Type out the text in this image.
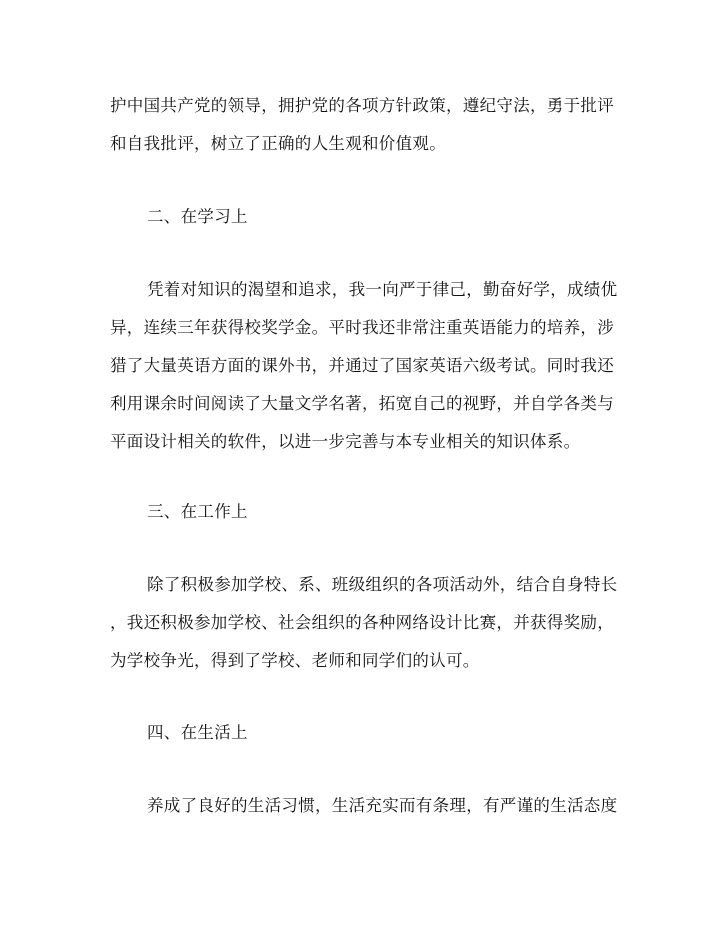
护中国共产党的领导，拥护党的各项方针政策，遵纪守法，勇于批评
和自我批评，树立了正确的人生观和价值观。
二、在学习上
凭着对知识的渴望和追求，我一向严于律己，勤奋好学，成绩优
异，连续三年获得校奖学金。平时我还非常注重英语能力的培养，涉
猎了大量英语方面的课外书，并通过了国家英语六级考试。同时我还
利用课余时间阅读了大量文学名著，拓宽自己的视野，并自学各类与
平面设计相关的软件，以进一步完善与本专业相关的知识体系。
三、在工作上
除了积极参加学校、系、班级组织的各项活动外，结合自身特长
，我还积极参加学校、社会组织的各种网络设计比赛，并获得奖励，
为学校争光，得到了学校、老师和同学们的认可。
四、在生活上
养成了良好的生活习惯，生活充实而有条理，有严谨的生活态度
